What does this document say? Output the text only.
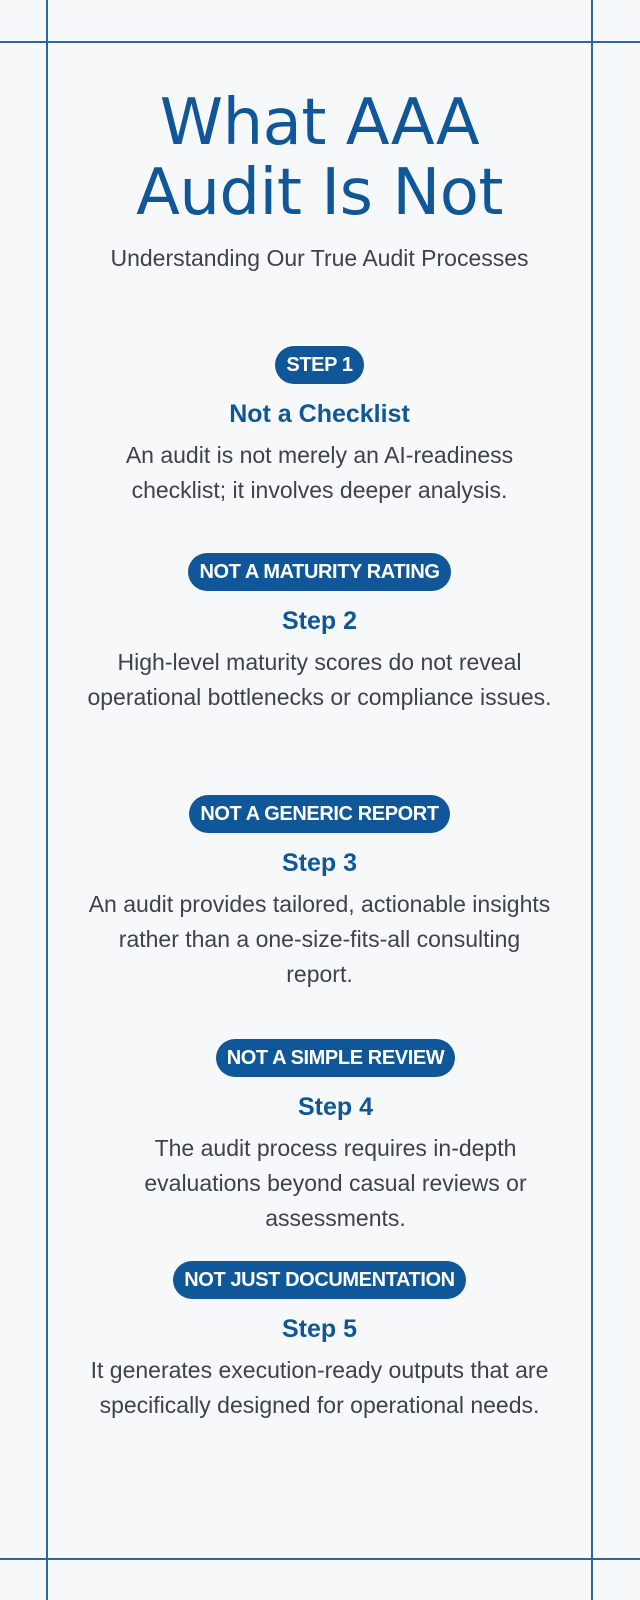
What AAA
Audit Is Not

Understanding Our True Audit Processes

STEP 1
Not a Checklist

An audit is not merely an AI-readiness checklist; it involves deeper analysis.

NOT A MATURITY RATING
Step 2

High-level maturity scores do not reveal operational bottlenecks or compliance issues.

NOT A GENERIC REPORT
Step 3

An audit provides tailored, actionable insights rather than a one-size-fits-all consulting report.

NOT A SIMPLE REVIEW
Step 4

The audit process requires in-depth evaluations beyond casual reviews or assessments.

NOT JUST DOCUMENTATION
Step 5

It generates execution-ready outputs that are specifically designed for operational needs.
